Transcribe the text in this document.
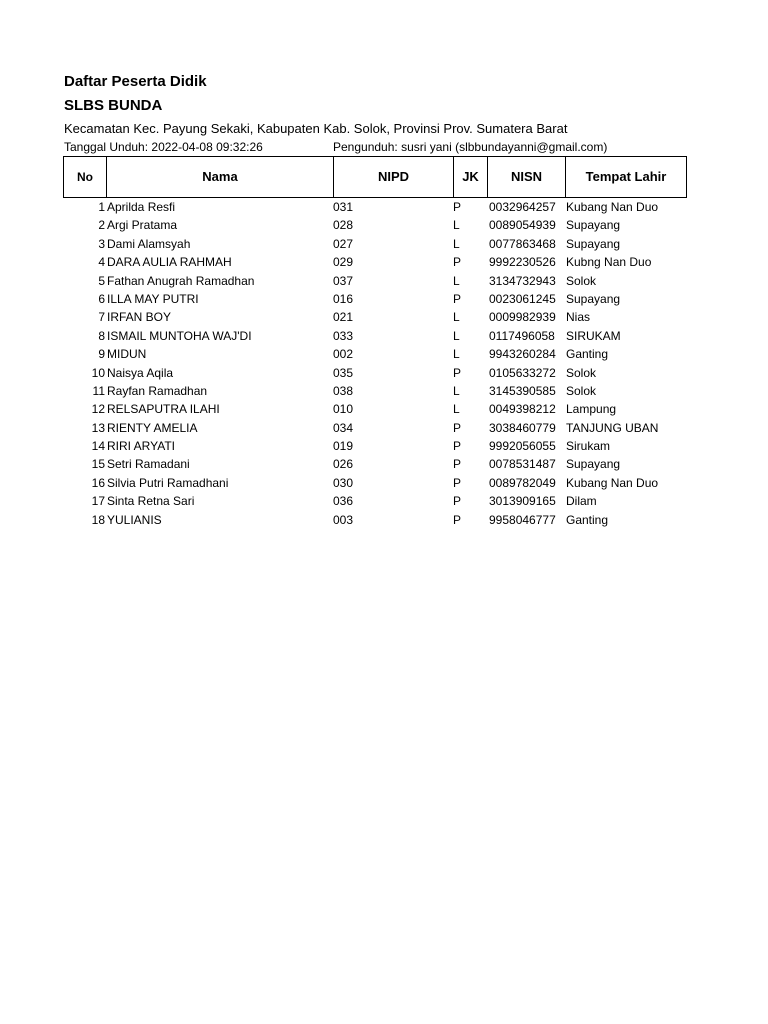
Daftar Peserta Didik
SLBS BUNDA
Kecamatan Kec. Payung Sekaki, Kabupaten Kab. Solok, Provinsi Prov. Sumatera Barat
Tanggal Unduh: 2022-04-08 09:32:26	Pengunduh: susri yani (slbbundayanni@gmail.com)
No	Nama	NIPD	JK	NISN	Tempat Lahir
1 Aprilda Resfi	031	P 0032964257 Kubang Nan Duo
2 Argi Pratama	028	L 0089054939 Supayang
3 Dami Alamsyah	027	L 0077863468 Supayang
4 DARA AULIA RAHMAH	029	P 9992230526 Kubng Nan Duo
5 Fathan Anugrah Ramadhan	037	L 3134732943 Solok
6 ILLA MAY PUTRI	016	P 0023061245 Supayang
7 IRFAN BOY	021	L 0009982939 Nias
8 ISMAIL MUNTOHA WAJ'DI	033	L 0117496058 SIRUKAM
9 MIDUN	002	L 9943260284 Ganting
10 Naisya Aqila	035	P 0105633272 Solok
11 Rayfan Ramadhan	038	L 3145390585 Solok
12 RELSAPUTRA ILAHI	010	L 0049398212 Lampung
13 RIENTY AMELIA	034	P 3038460779 TANJUNG UBAN
14 RIRI ARYATI	019	P 9992056055 Sirukam
15 Setri Ramadani	026	P 0078531487 Supayang
16 Silvia Putri Ramadhani	030	P 0089782049 Kubang Nan Duo
17 Sinta Retna Sari	036	P 3013909165 Dilam
18 YULIANIS	003	P 9958046777 Ganting
